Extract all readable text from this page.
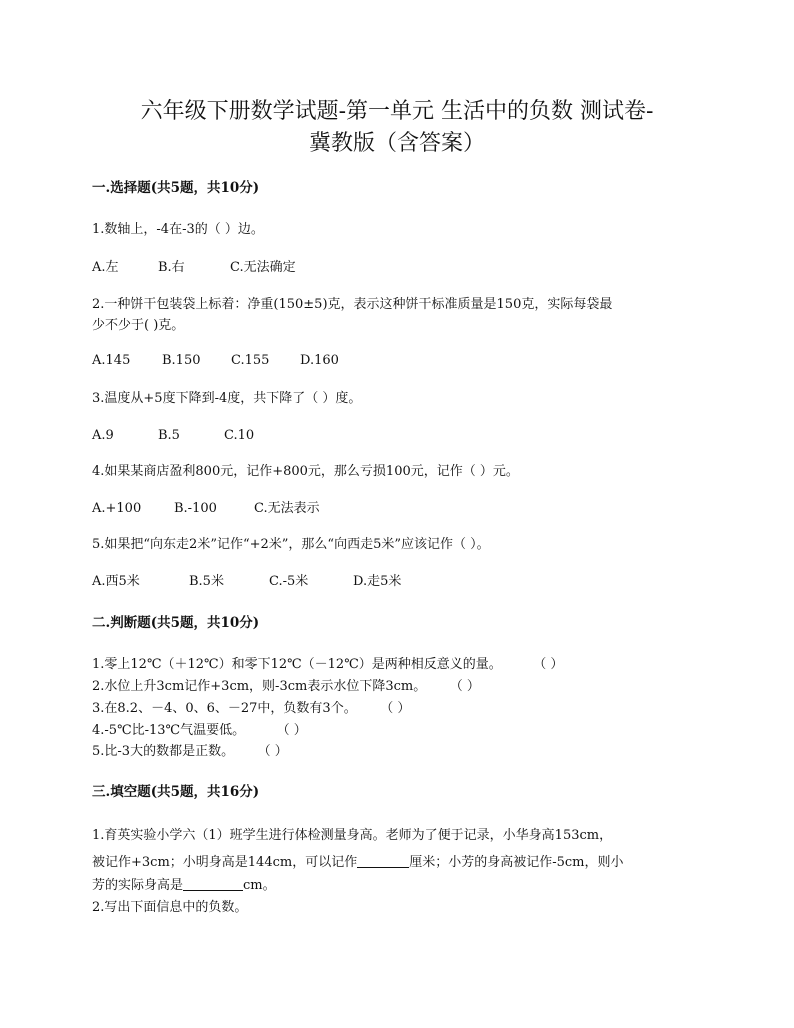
六年级下册数学试题-第一单元 生活中的负数 测试卷-
冀教版（含答案）
一.选择题(共5题，共10分)
1.数轴上，-4在-3的（ ）边。
A.左	B.右	C.无法确定
2.一种饼干包装袋上标着：净重(150±5)克，表示这种饼干标准质量是150克，实际每袋最
少不少于( )克。
A.145 B.150 C.155 D.160
3.温度从+5度下降到-4度，共下降了（ ）度。
A.9	B.5	C.10
4.如果某商店盈利800元，记作+800元，那么亏损100元，记作（ ）元。
A.+100	B.-100	C.无法表示
5.如果把“向东走2米”记作“+2米”，那么“向西走5米”应该记作（ ）。
A.西5米	B.5米	C.-5米	D.走5米
二.判断题(共5题，共10分)
1.零上12℃（＋12℃）和零下12℃（－12℃）是两种相反意义的量。	（ ）
2.水位上升3cm记作+3cm，则-3cm表示水位下降3cm。 （ ）
3.在8.2、－4、0、6、－27中，负数有3个。 （ ）
4.-5℃比-13℃气温要低。	（ ）
5.比-3大的数都是正数。 （ ）
三.填空题(共5题，共16分)
1.育英实验小学六（1）班学生进行体检测量身高。老师为了便于记录，小华身高153cm，
被记作+3cm；小明身高是144cm，可以记作	厘米；小芳的身高被记作-5cm，则小
芳的实际身高是	cm。
2.写出下面信息中的负数。
